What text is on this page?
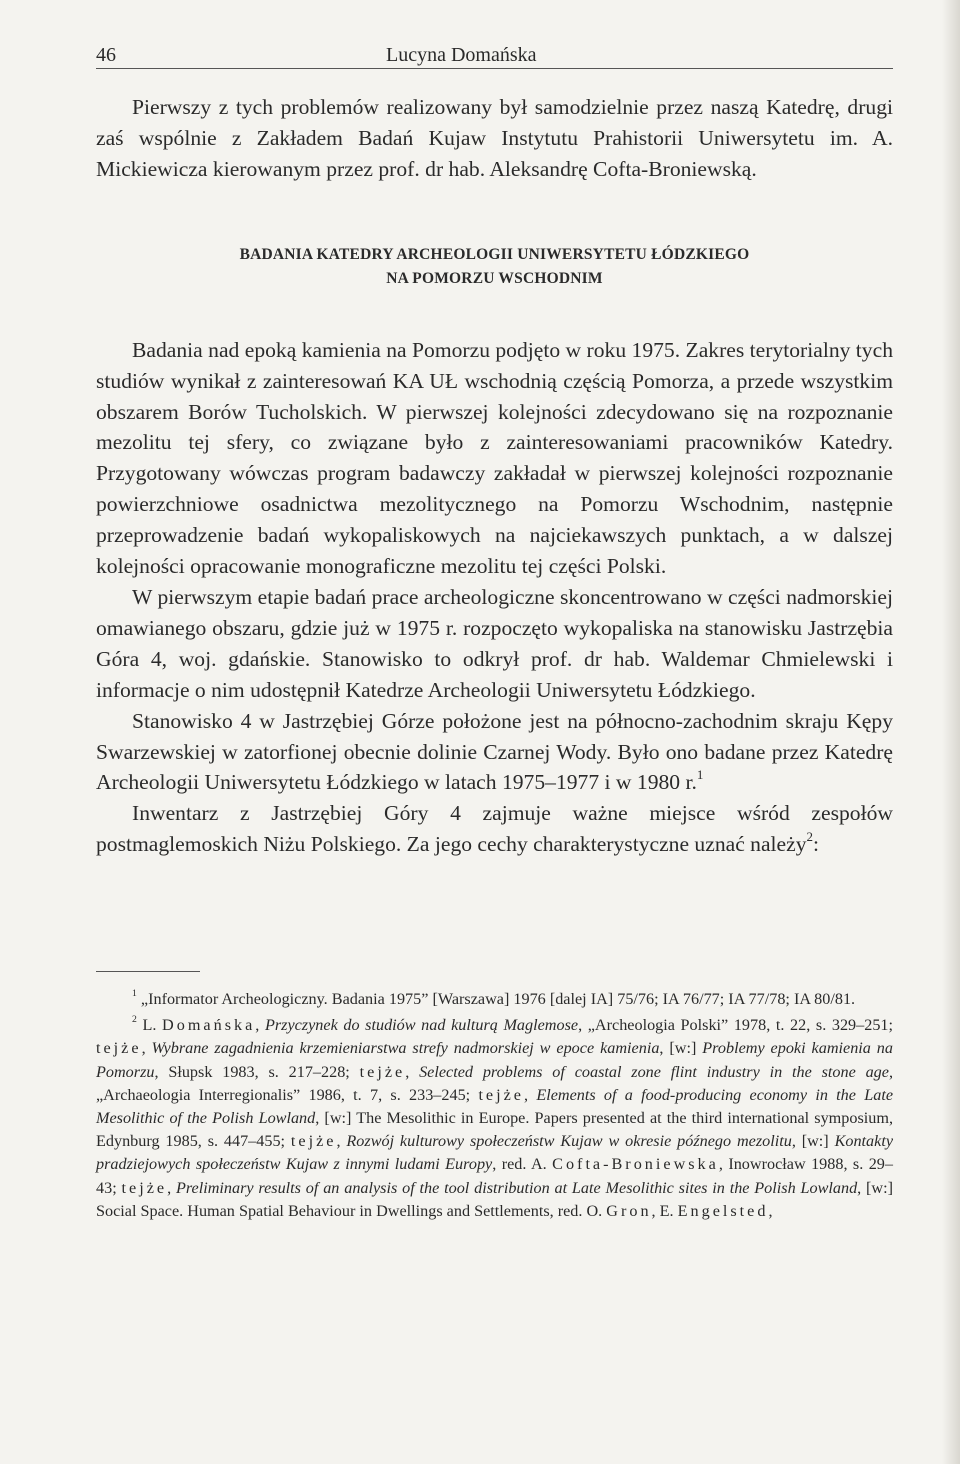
46	Lucyna Domańska

Pierwszy z tych problemów realizowany był samodzielnie przez naszą Katedrę, drugi zaś wspólnie z Zakładem Badań Kujaw Instytutu Prahistorii Uniwersytetu im. A. Mickiewicza kierowanym przez prof. dr hab. Aleksandrę Cofta-Broniewską.

BADANIA KATEDRY ARCHEOLOGII UNIWERSYTETU ŁÓDZKIEGO
NA POMORZU WSCHODNIM

Badania nad epoką kamienia na Pomorzu podjęto w roku 1975. Zakres terytorialny tych studiów wynikał z zainteresowań KA UŁ wschodnią częścią Pomorza, a przede wszystkim obszarem Borów Tucholskich. W pierwszej kolejności zdecydowano się na rozpoznanie mezolitu tej sfery, co związane było z zainteresowaniami pracowników Katedry. Przygotowany wówczas program badawczy zakładał w pierwszej kolejności rozpoznanie powierzchniowe osadnictwa mezolitycznego na Pomorzu Wschodnim, następnie przeprowadzenie badań wykopaliskowych na najciekawszych punktach, a w dalszej kolejności opracowanie monograficzne mezolitu tej części Polski.

W pierwszym etapie badań prace archeologiczne skoncentrowano w części nadmorskiej omawianego obszaru, gdzie już w 1975 r. rozpoczęto wykopaliska na stanowisku Jastrzębia Góra 4, woj. gdańskie. Stanowisko to odkrył prof. dr hab. Waldemar Chmielewski i informacje o nim udostępnił Katedrze Archeologii Uniwersytetu Łódzkiego.

Stanowisko 4 w Jastrzębiej Górze położone jest na północno-zachodnim skraju Kępy Swarzewskiej w zatorfionej obecnie dolinie Czarnej Wody. Było ono badane przez Katedrę Archeologii Uniwersytetu Łódzkiego w latach 1975–1977 i w 1980 r.$^1$

Inwentarz z Jastrzębiej Góry 4 zajmuje ważne miejsce wśród zespołów postmaglemoskich Niżu Polskiego. Za jego cechy charakterystyczne uznać należy$^2$:

$^1$ „Informator Archeologiczny. Badania 1975” [Warszawa] 1976 [dalej IA] 75/76; IA 76/77; IA 77/78; IA 80/81.

$^2$ L. Domańska, Przyczynek do studiów nad kulturą Maglemose, „Archeologia Polski” 1978, t. 22, s. 329–251; tejże, Wybrane zagadnienia krzemieniarstwa strefy nadmorskiej w epoce kamienia, [w:] Problemy epoki kamienia na Pomorzu, Słupsk 1983, s. 217–228; tejże, Selected problems of coastal zone flint industry in the stone age, „Archaeologia Interregionalis” 1986, t. 7, s. 233–245; tejże, Elements of a food-producing economy in the Late Mesolithic of the Polish Lowland, [w:] The Mesolithic in Europe. Papers presented at the third international symposium, Edynburg 1985, s. 447–455; tejże, Rozwój kulturowy społeczeństw Kujaw w okresie późnego mezolitu, [w:] Kontakty pradziejowych społeczeństw Kujaw z innymi ludami Europy, red. A. Cofta-Broniewska, Inowrocław 1988, s. 29–43; tejże, Preliminary results of an analysis of the tool distribution at Late Mesolithic sites in the Polish Lowland, [w:] Social Space. Human Spatial Behaviour in Dwellings and Settlements, red. O. Gron, E. Engelsted,
